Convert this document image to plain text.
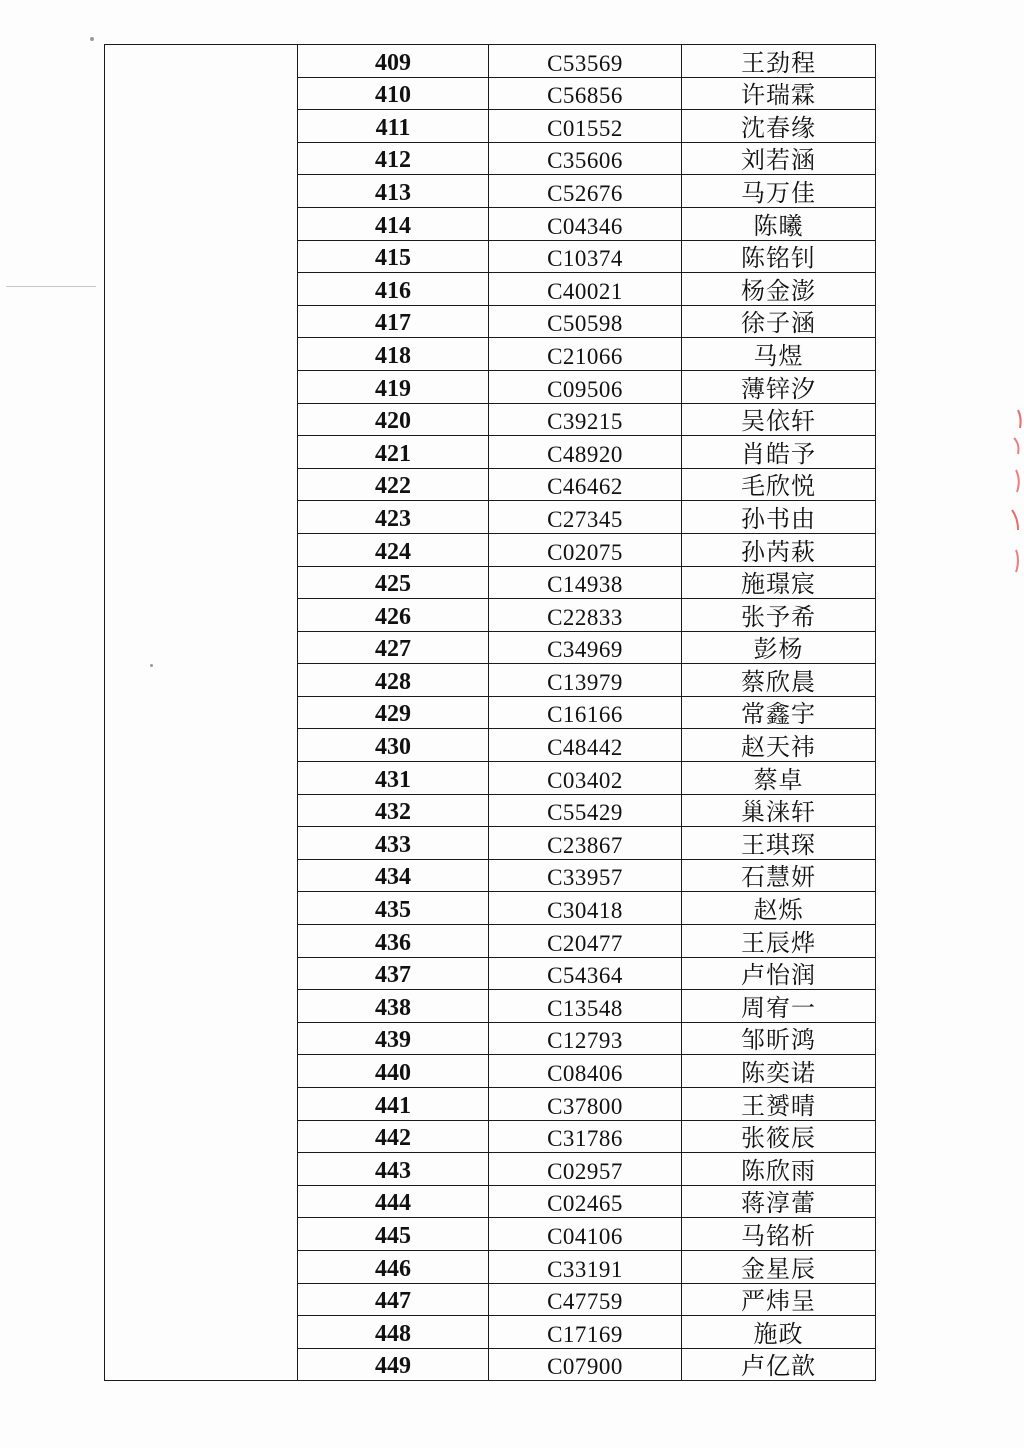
	409	C53569	王劲程
	410	C56856	许瑞霖
	411	C01552	沈春缘
	412	C35606	刘若涵
	413	C52676	马万佳
	414	C04346	陈曦
	415	C10374	陈铭钊
	416	C40021	杨金澎
	417	C50598	徐子涵
	418	C21066	马煜
	419	C09506	薄锌汐
	420	C39215	吴依轩
	421	C48920	肖皓予
	422	C46462	毛欣悦
	423	C27345	孙书由
	424	C02075	孙芮萩
	425	C14938	施璟宸
	426	C22833	张予希
	427	C34969	彭杨
	428	C13979	蔡欣晨
	429	C16166	常鑫宇
	430	C48442	赵天祎
	431	C03402	蔡卓
	432	C55429	巢涞轩
	433	C23867	王琪琛
	434	C33957	石慧妍
	435	C30418	赵烁
	436	C20477	王辰烨
	437	C54364	卢怡润
	438	C13548	周宥一
	439	C12793	邹昕鸿
	440	C08406	陈奕诺
	441	C37800	王赟晴
	442	C31786	张筱辰
	443	C02957	陈欣雨
	444	C02465	蒋淳蕾
	445	C04106	马铭析
	446	C33191	金星辰
	447	C47759	严炜呈
	448	C17169	施政
	449	C07900	卢亿歆
